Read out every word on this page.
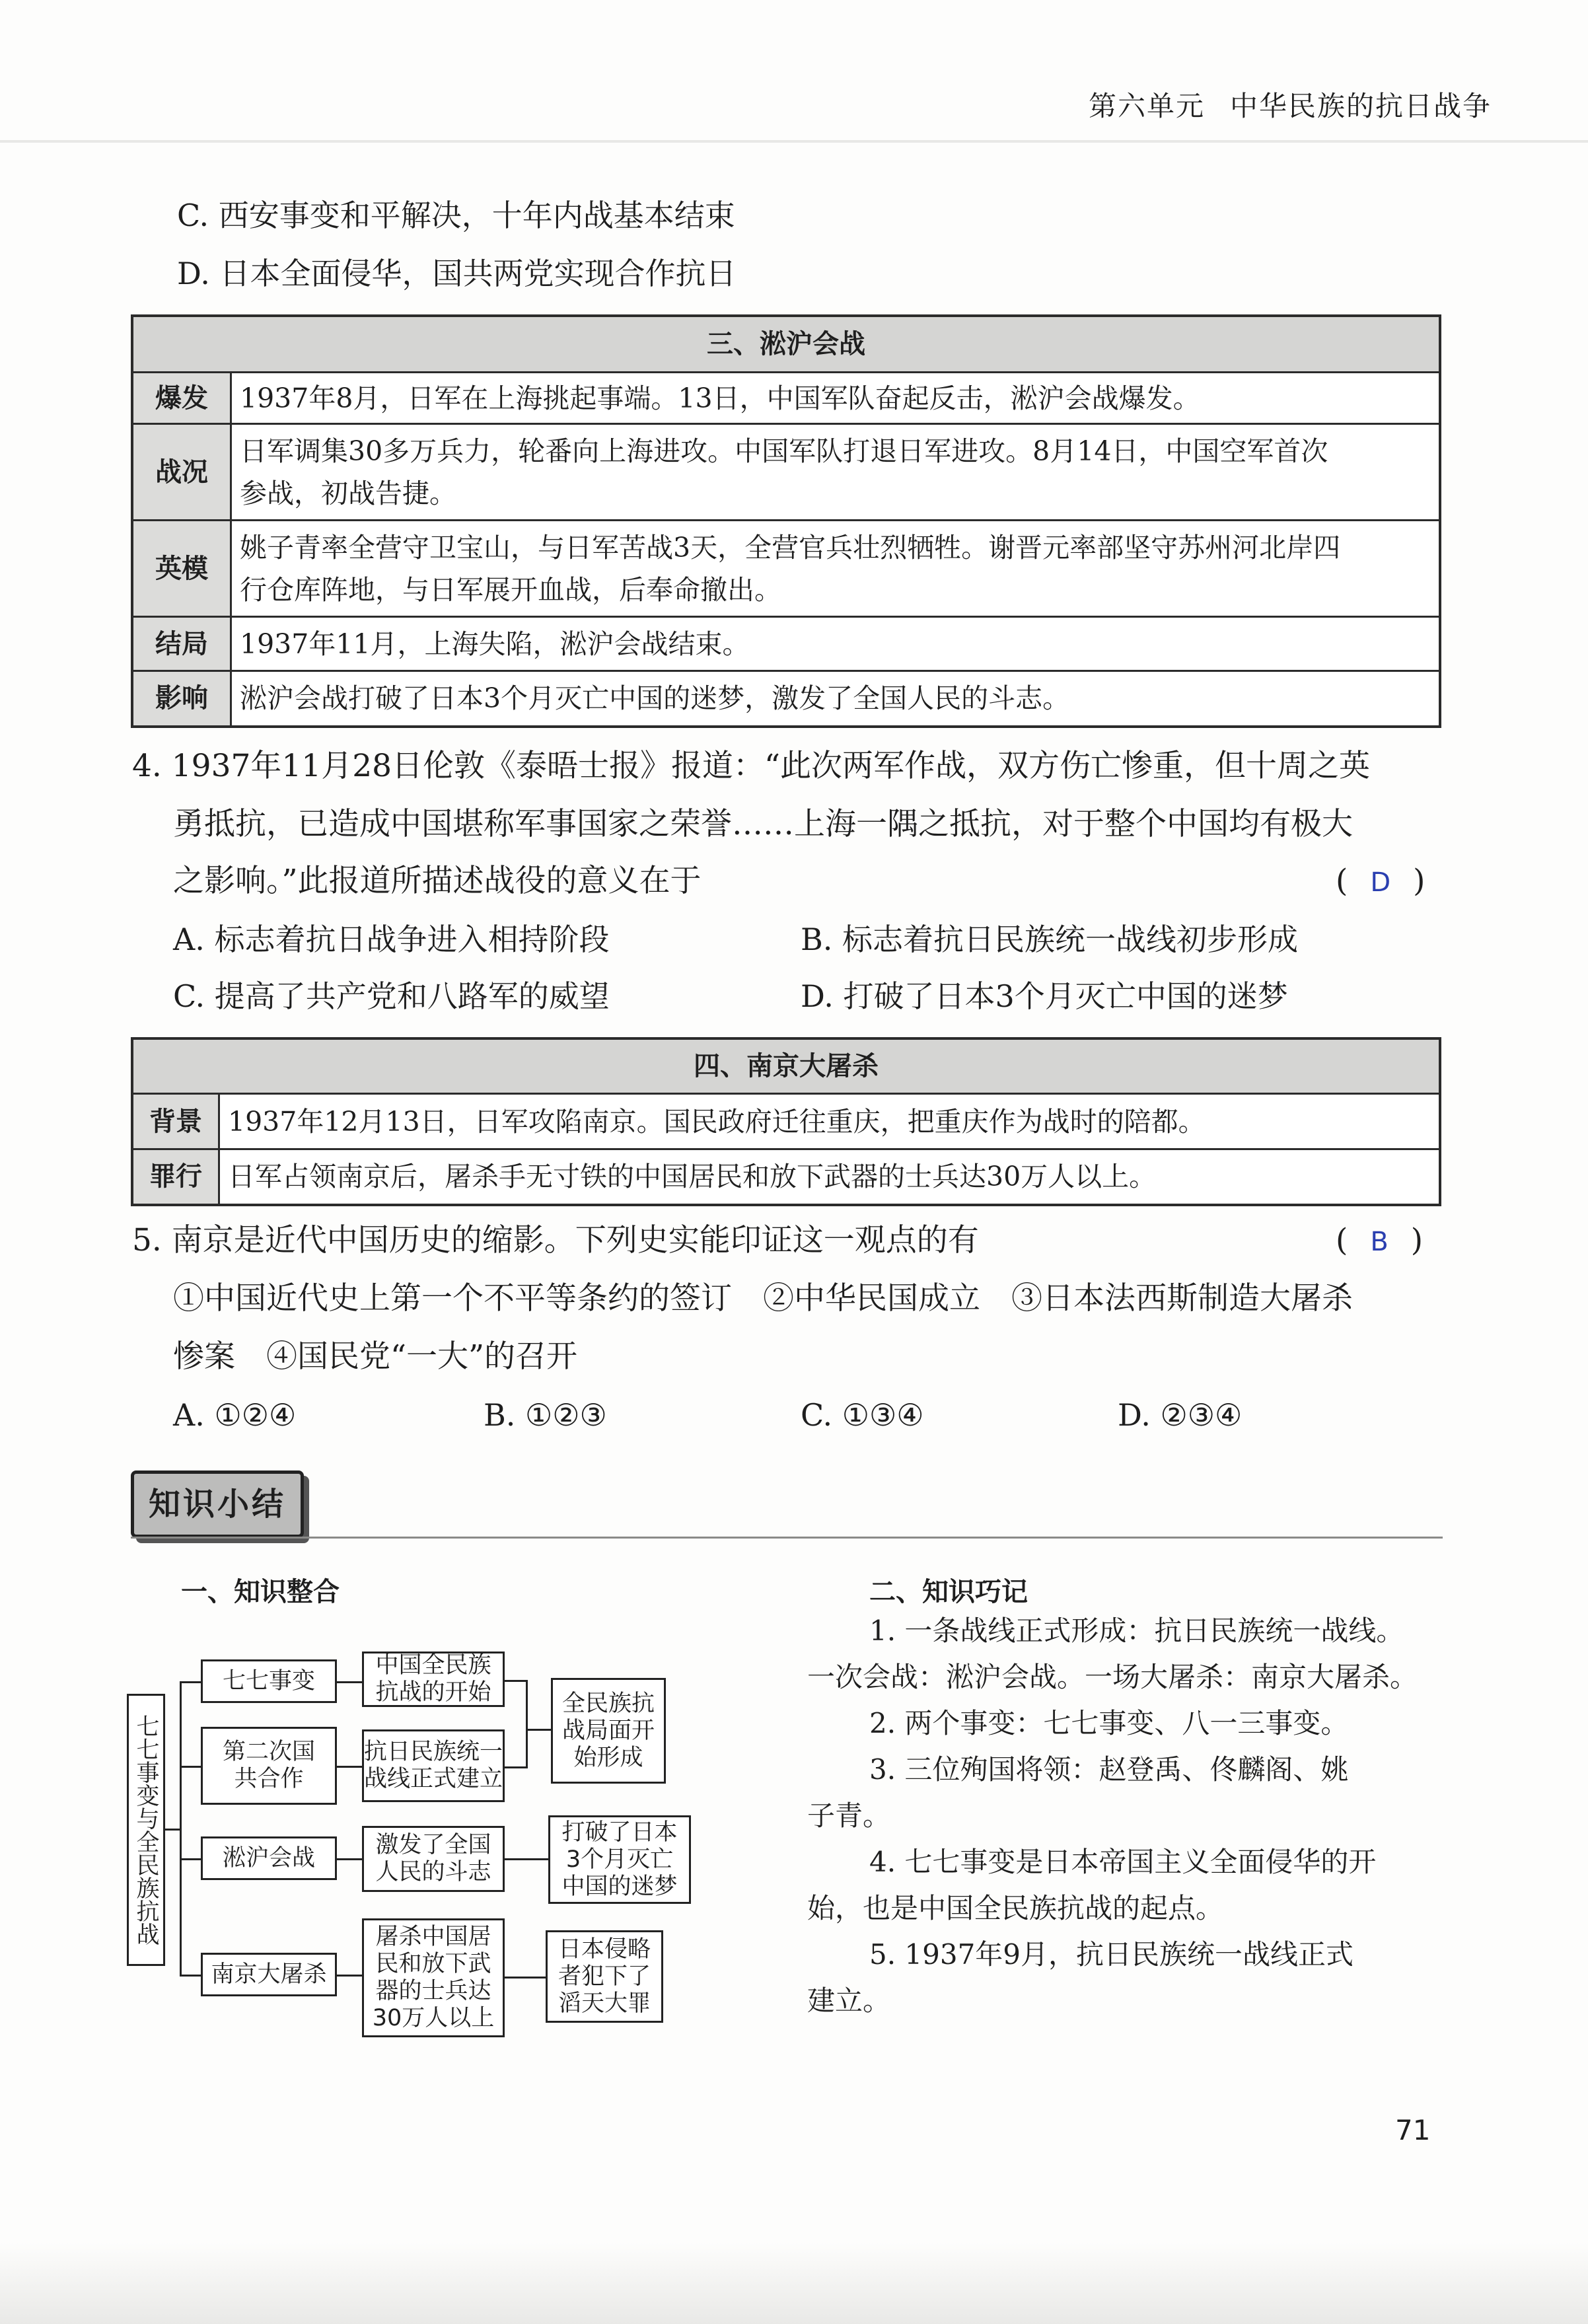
第六单元 中华民族的抗日战争
C. 西安事变和平解决，十年内战基本结束
D. 日本全面侵华，国共两党实现合作抗日
三、淞沪会战	
爆发	1937年8月，日军在上海挑起事端。13日，中国军队奋起反击，淞沪会战爆发。
战况	日军调集30多万兵力，轮番向上海进攻。中国军队打退日军进攻。8月14日，中国空军首次
参战，初战告捷。

英模	姚子青率全营守卫宝山，与日军苦战3天，全营官兵壮烈牺牲。谢晋元率部坚守苏州河北岸四
行仓库阵地，与日军展开血战，后奉命撤出。

结局	1937年11月，上海失陷，淞沪会战结束。
影响	淞沪会战打破了日本3个月灭亡中国的迷梦，激发了全国人民的斗志。
4. 1937年11月28日伦敦《泰晤士报》报道：“此次两军作战，双方伤亡惨重，但十周之英
勇抵抗，已造成中国堪称军事国家之荣誉……上海一隅之抵抗，对于整个中国均有极大
之影响。”此报道所描述战役的意义在于	( D )
A. 标志着抗日战争进入相持阶段	B. 标志着抗日民族统一战线初步形成
C. 提高了共产党和八路军的威望	D. 打破了日本3个月灭亡中国的迷梦
四、南京大屠杀	
背景	1937年12月13日，日军攻陷南京。国民政府迁往重庆，把重庆作为战时的陪都。
罪行	日军占领南京后，屠杀手无寸铁的中国居民和放下武器的士兵达30万人以上。
5. 南京是近代中国历史的缩影。下列史实能印证这一观点的有	( B )
①中国近代史上第一个不平等条约的签订　②中华民国成立　③日本法西斯制造大屠杀
惨案　④国民党“一大”的召开
A. ①②④	B. ①②③	C. ①③④	D. ②③④
知识小结
一、知识整合	二、知识巧记
七七事变与全民族抗战
七七事变
中国全民族
抗战的开始
第二次国
共合作
抗日民族统一
战线正式建立
淞沪会战	激发了全国
人民的斗志
南京大屠杀
屠杀中国居
民和放下武
器的士兵达
30万人以上
全民族抗
战局面开
始形成
打破了日本
3个月灭亡
中国的迷梦
日本侵略
者犯下了
滔天大罪
1. 一条战线正式形成：抗日民族统一战线。
一次会战：淞沪会战。一场大屠杀：南京大屠杀。
2. 两个事变：七七事变、八一三事变。
3. 三位殉国将领：赵登禹、佟麟阁、姚
子青。
4. 七七事变是日本帝国主义全面侵华的开
始，也是中国全民族抗战的起点。
5. 1937年9月，抗日民族统一战线正式
建立。
71
